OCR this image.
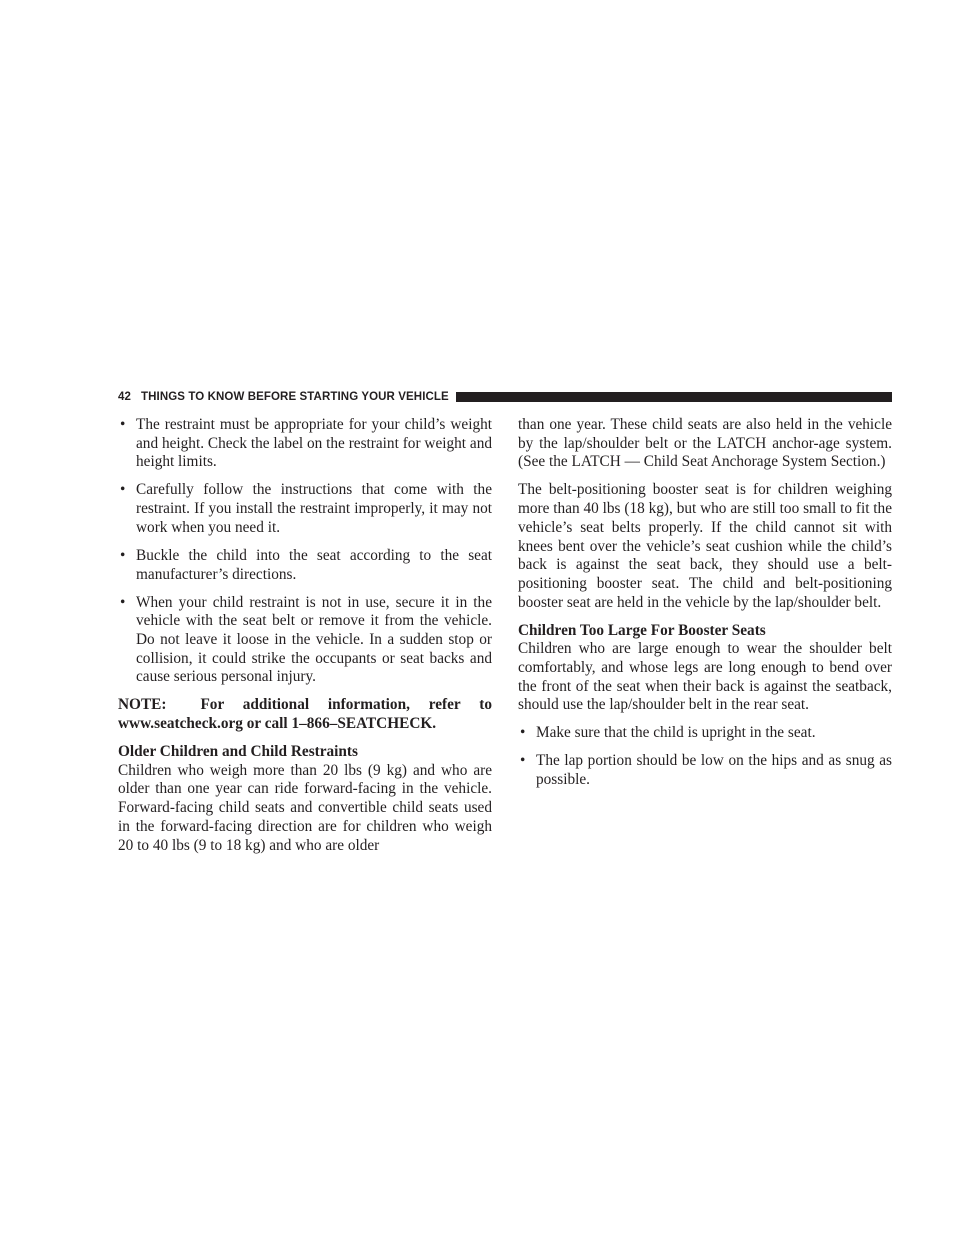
42 THINGS TO KNOW BEFORE STARTING YOUR VEHICLE
• The restraint must be appropriate for your child’s weight and height. Check the label on the restraint for weight and height limits.
• Carefully follow the instructions that come with the restraint. If you install the restraint improperly, it may not work when you need it.
• Buckle the child into the seat according to the seat manufacturer’s directions.
• When your child restraint is not in use, secure it in the vehicle with the seat belt or remove it from the vehicle. Do not leave it loose in the vehicle. In a sudden stop or collision, it could strike the occupants or seat backs and cause serious personal injury.

NOTE: For additional information, refer to www.seatcheck.org or call 1–866–SEATCHECK.

Older Children and Child Restraints

Children who weigh more than 20 lbs (9 kg) and who are older than one year can ride forward-facing in the vehicle. Forward-facing child seats and convertible child seats used in the forward-facing direction are for children who weigh 20 to 40 lbs (9 to 18 kg) and who are older

than one year. These child seats are also held in the vehicle by the lap/shoulder belt or the LATCH anchor-age system. (See the LATCH — Child Seat Anchorage System Section.)

The belt-positioning booster seat is for children weighing more than 40 lbs (18 kg), but who are still too small to fit the vehicle’s seat belts properly. If the child cannot sit with knees bent over the vehicle’s seat cushion while the child’s back is against the seat back, they should use a belt-positioning booster seat. The child and belt-positioning booster seat are held in the vehicle by the lap/shoulder belt.

Children Too Large For Booster Seats

Children who are large enough to wear the shoulder belt comfortably, and whose legs are long enough to bend over the front of the seat when their back is against the seatback, should use the lap/shoulder belt in the rear seat.

• Make sure that the child is upright in the seat.
• The lap portion should be low on the hips and as snug as possible.
